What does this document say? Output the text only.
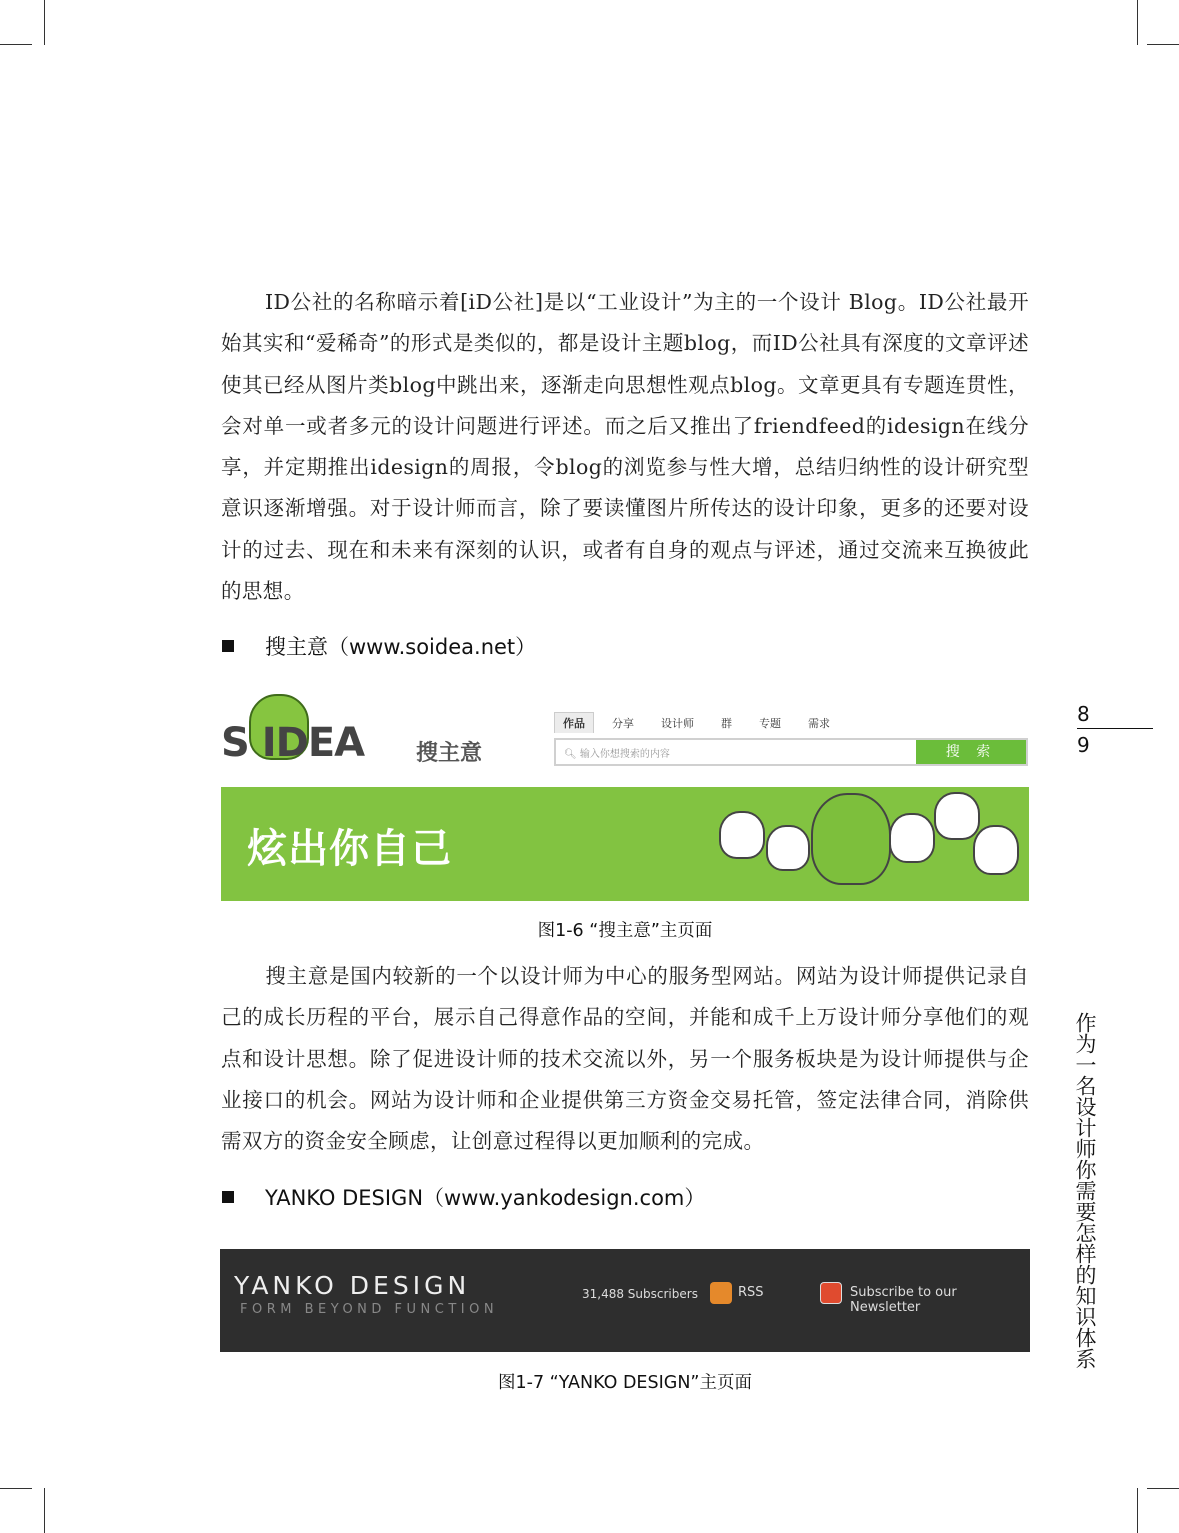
ID公社的名称暗示着[iD公社]是以“工业设计”为主的一个设计 Blog。ID公社最开始其实和“爱稀奇”的形式是类似的，都是设计主题blog，而ID公社具有深度的文章评述使其已经从图片类blog中跳出来，逐渐走向思想性观点blog。文章更具有专题连贯性，会对单一或者多元的设计问题进行评述。而之后又推出了friendfeed的idesign在线分享，并定期推出idesign的周报，令blog的浏览参与性大增，总结归纳性的设计研究型意识逐渐增强。对于设计师而言，除了要读懂图片所传达的设计印象，更多的还要对设计的过去、现在和未来有深刻的认识，或者有自身的观点与评述，通过交流来互换彼此的思想。

搜主意（www.soidea.net）
S IDEA 搜主意
作品	分享 设计师 群 专题 需求
🔍︎ 输入你想搜索的内容	搜 索
炫出你自己
图1-6 “搜主意”主页面

搜主意是国内较新的一个以设计师为中心的服务型网站。网站为设计师提供记录自己的成长历程的平台，展示自己得意作品的空间，并能和成千上万设计师分享他们的观点和设计思想。除了促进设计师的技术交流以外，另一个服务板块是为设计师提供与企业接口的机会。网站为设计师和企业提供第三方资金交易托管，签定法律合同，消除供需双方的资金安全顾虑，让创意过程得以更加顺利的完成。

YANKO DESIGN（www.yankodesign.com）
YANKO DESIGN
FORM BEYOND FUNCTION
31,488 Subscribers	RSS	Subscribe to our Newsletter
图1-7 “YANKO DESIGN”主页面
8
9
作为一名设计师你需要怎样的知识体系
